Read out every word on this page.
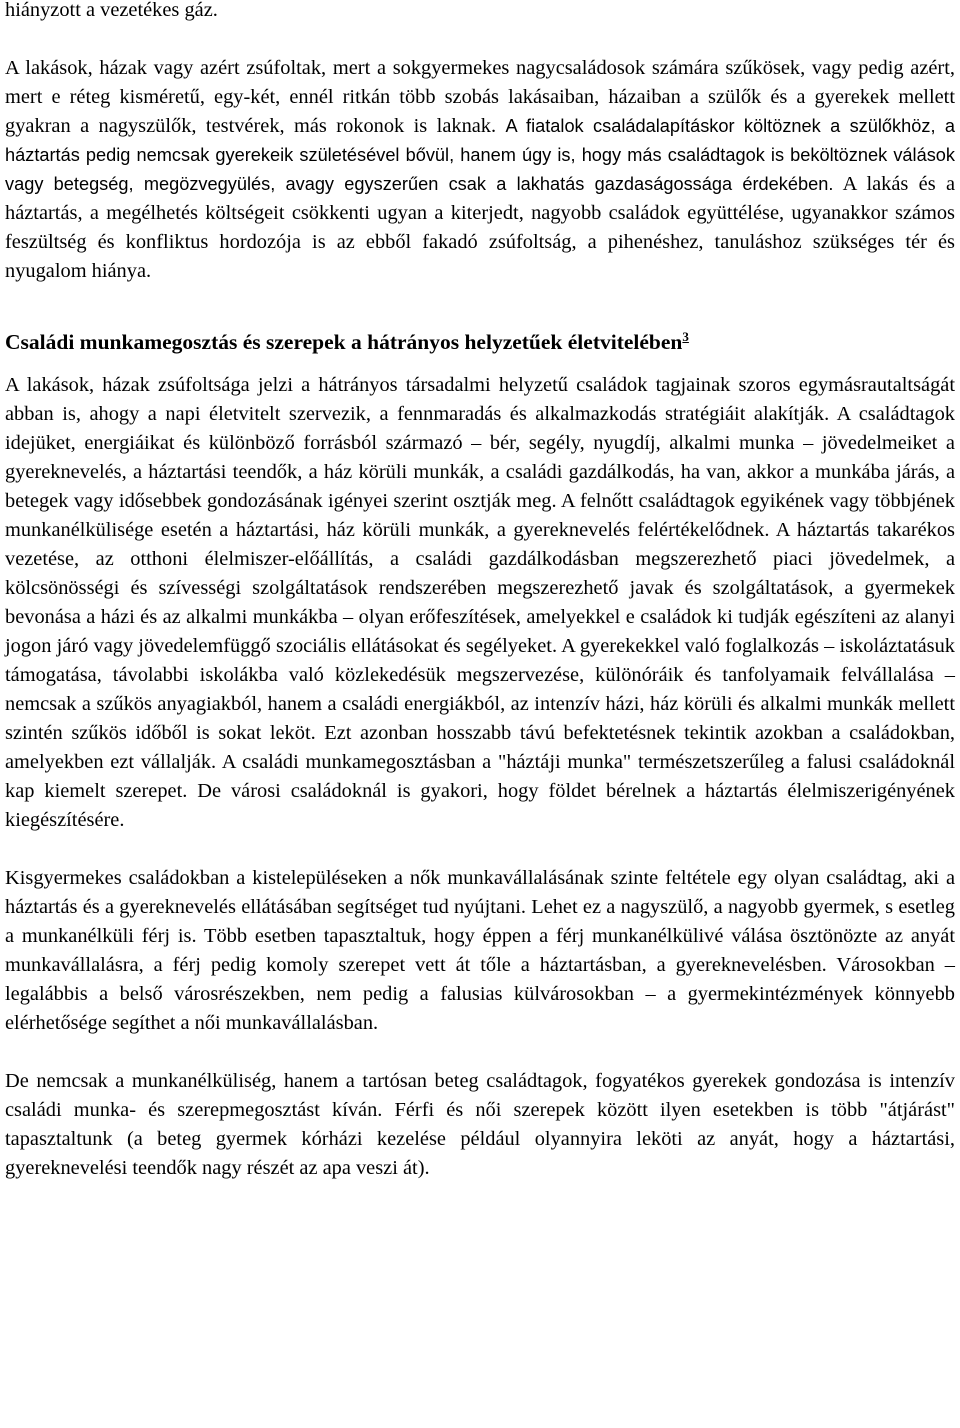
hiányzott a vezetékes gáz.

A lakások, házak vagy azért zsúfoltak, mert a sokgyermekes nagycsaládosok számára szűkösek, vagy pedig azért, mert e réteg kisméretű, egy-két, ennél ritkán több szobás lakásaiban, házaiban a szülők és a gyerekek mellett gyakran a nagyszülők, testvérek, más rokonok is laknak. A fiatalok családalapításkor költöznek a szülőkhöz, a háztartás pedig nemcsak gyerekeik születésével bővül, hanem úgy is, hogy más családtagok is beköltöznek válások vagy betegség, megözvegyülés, avagy egyszerűen csak a lakhatás gazdaságossága érdekében. A lakás és a háztartás, a megélhetés költségeit csökkenti ugyan a kiterjedt, nagyobb családok együttélése, ugyanakkor számos feszültség és konfliktus hordozója is az ebből fakadó zsúfoltság, a pihenéshez, tanuláshoz szükséges tér és nyugalom hiánya.

Családi munkamegosztás és szerepek a hátrányos helyzetűek életvitelében$^3$

A lakások, házak zsúfoltsága jelzi a hátrányos társadalmi helyzetű családok tagjainak szoros egymásrautaltságát abban is, ahogy a napi életvitelt szervezik, a fennmaradás és alkalmazkodás stratégiáit alakítják. A családtagok idejüket, energiáikat és különböző forrásból származó – bér, segély, nyugdíj, alkalmi munka – jövedelmeiket a gyereknevelés, a háztartási teendők, a ház körüli munkák, a családi gazdálkodás, ha van, akkor a munkába járás, a betegek vagy idősebbek gondozásának igényei szerint osztják meg. A felnőtt családtagok egyikének vagy többjének munkanélkülisége esetén a háztartási, ház körüli munkák, a gyereknevelés felértékelődnek. A háztartás takarékos vezetése, az otthoni élelmiszer-előállítás, a családi gazdálkodásban megszerezhető piaci jövedelmek, a kölcsönösségi és szívességi szolgáltatások rendszerében megszerezhető javak és szolgáltatások, a gyermekek bevonása a házi és az alkalmi munkákba – olyan erőfeszítések, amelyekkel e családok ki tudják egészíteni az alanyi jogon járó vagy jövedelemfüggő szociális ellátásokat és segélyeket. A gyerekekkel való foglalkozás – iskoláztatásuk támogatása, távolabbi iskolákba való közlekedésük megszervezése, különóráik és tanfolyamaik felvállalása – nemcsak a szűkös anyagiakból, hanem a családi energiákból, az intenzív házi, ház körüli és alkalmi munkák mellett szintén szűkös időből is sokat leköt. Ezt azonban hosszabb távú befektetésnek tekintik azokban a családokban, amelyekben ezt vállalják. A családi munkamegosztásban a "háztáji munka" természetszerűleg a falusi családoknál kap kiemelt szerepet. De városi családoknál is gyakori, hogy földet bérelnek a háztartás élelmiszerigényének kiegészítésére.

Kisgyermekes családokban a kistelepüléseken a nők munkavállalásának szinte feltétele egy olyan családtag, aki a háztartás és a gyereknevelés ellátásában segítséget tud nyújtani. Lehet ez a nagyszülő, a nagyobb gyermek, s esetleg a munkanélküli férj is. Több esetben tapasztaltuk, hogy éppen a férj munkanélkülivé válása ösztönözte az anyát munkavállalásra, a férj pedig komoly szerepet vett át tőle a háztartásban, a gyereknevelésben. Városokban – legalábbis a belső városrészekben, nem pedig a falusias külvárosokban – a gyermekintézmények könnyebb elérhetősége segíthet a női munkavállalásban.

De nemcsak a munkanélküliség, hanem a tartósan beteg családtagok, fogyatékos gyerekek gondozása is intenzív családi munka- és szerepmegosztást kíván. Férfi és női szerepek között ilyen esetekben is több "átjárást" tapasztaltunk (a beteg gyermek kórházi kezelése például olyannyira leköti az anyát, hogy a háztartási, gyereknevelési teendők nagy részét az apa veszi át).
